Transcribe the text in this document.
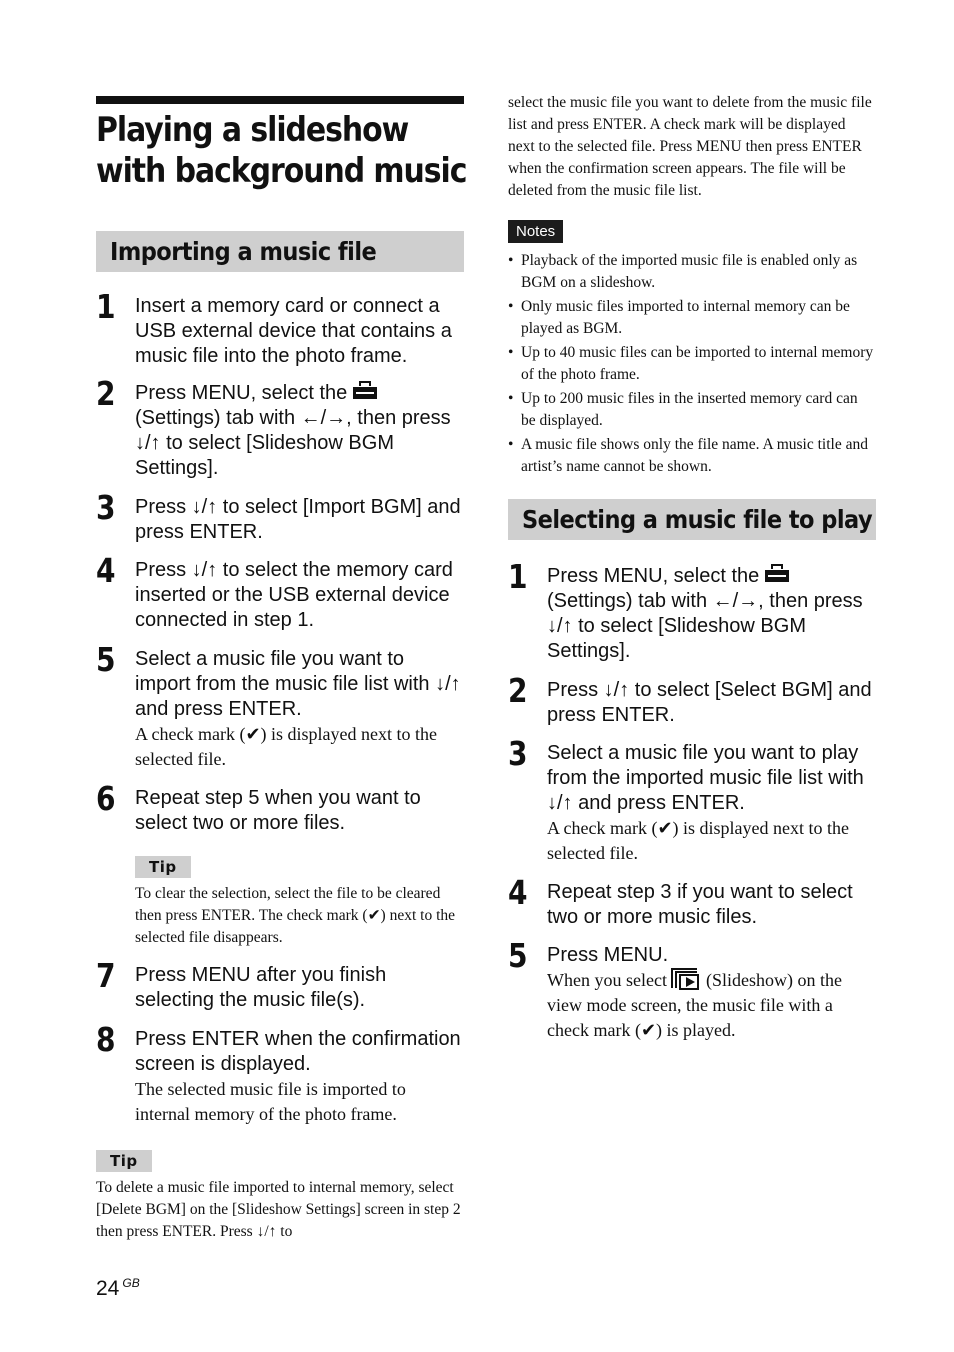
Playing a slideshow
with background music
Importing a music file
1 Insert a memory card or connect a USB external device that contains a music file into the photo frame.
2 Press MENU, select the
(Settings) tab with ←/→, then press ↓/↑ to select [Slideshow BGM Settings].
3 Press ↓/↑ to select [Import BGM] and press ENTER.
4 Press ↓/↑ to select the memory card inserted or the USB external device connected in step 1.
5 Select a music file you want to import from the music file list with ↓/↑ and press ENTER.
A check mark (✔) is displayed next to the selected file.
6 Repeat step 5 when you want to select two or more files.
Tip
To clear the selection, select the file to be cleared then press ENTER. The check mark (✔) next to the selected file disappears.
7 Press MENU after you finish selecting the music file(s).
8 Press ENTER when the confirmation screen is displayed.
The selected music file is imported to internal memory of the photo frame.
Tip
To delete a music file imported to internal memory, select [Delete BGM] on the [Slideshow Settings] screen in step 2 then press ENTER. Press ↓/↑ to
select the music file you want to delete from the music file list and press ENTER. A check mark will be displayed next to the selected file. Press MENU then press ENTER when the confirmation screen appears. The file will be deleted from the music file list.
Notes
• Playback of the imported music file is enabled only as BGM on a slideshow.
• Only music files imported to internal memory can be played as BGM.
• Up to 40 music files can be imported to internal memory of the photo frame.
• Up to 200 music files in the inserted memory card can be displayed.
• A music file shows only the file name. A music title and artist’s name cannot be shown.
Selecting a music file to play
1 Press MENU, select the
(Settings) tab with ←/→, then press ↓/↑ to select [Slideshow BGM Settings].
2 Press ↓/↑ to select [Select BGM] and press ENTER.
3 Select a music file you want to play from the imported music file list with ↓/↑ and press ENTER.
A check mark (✔) is displayed next to the selected file.
4 Repeat step 3 if you want to select two or more music files.
5 Press MENU.
When you select (Slideshow) on the view mode screen, the music file with a check mark (✔) is played.
24 $^{GB}$
